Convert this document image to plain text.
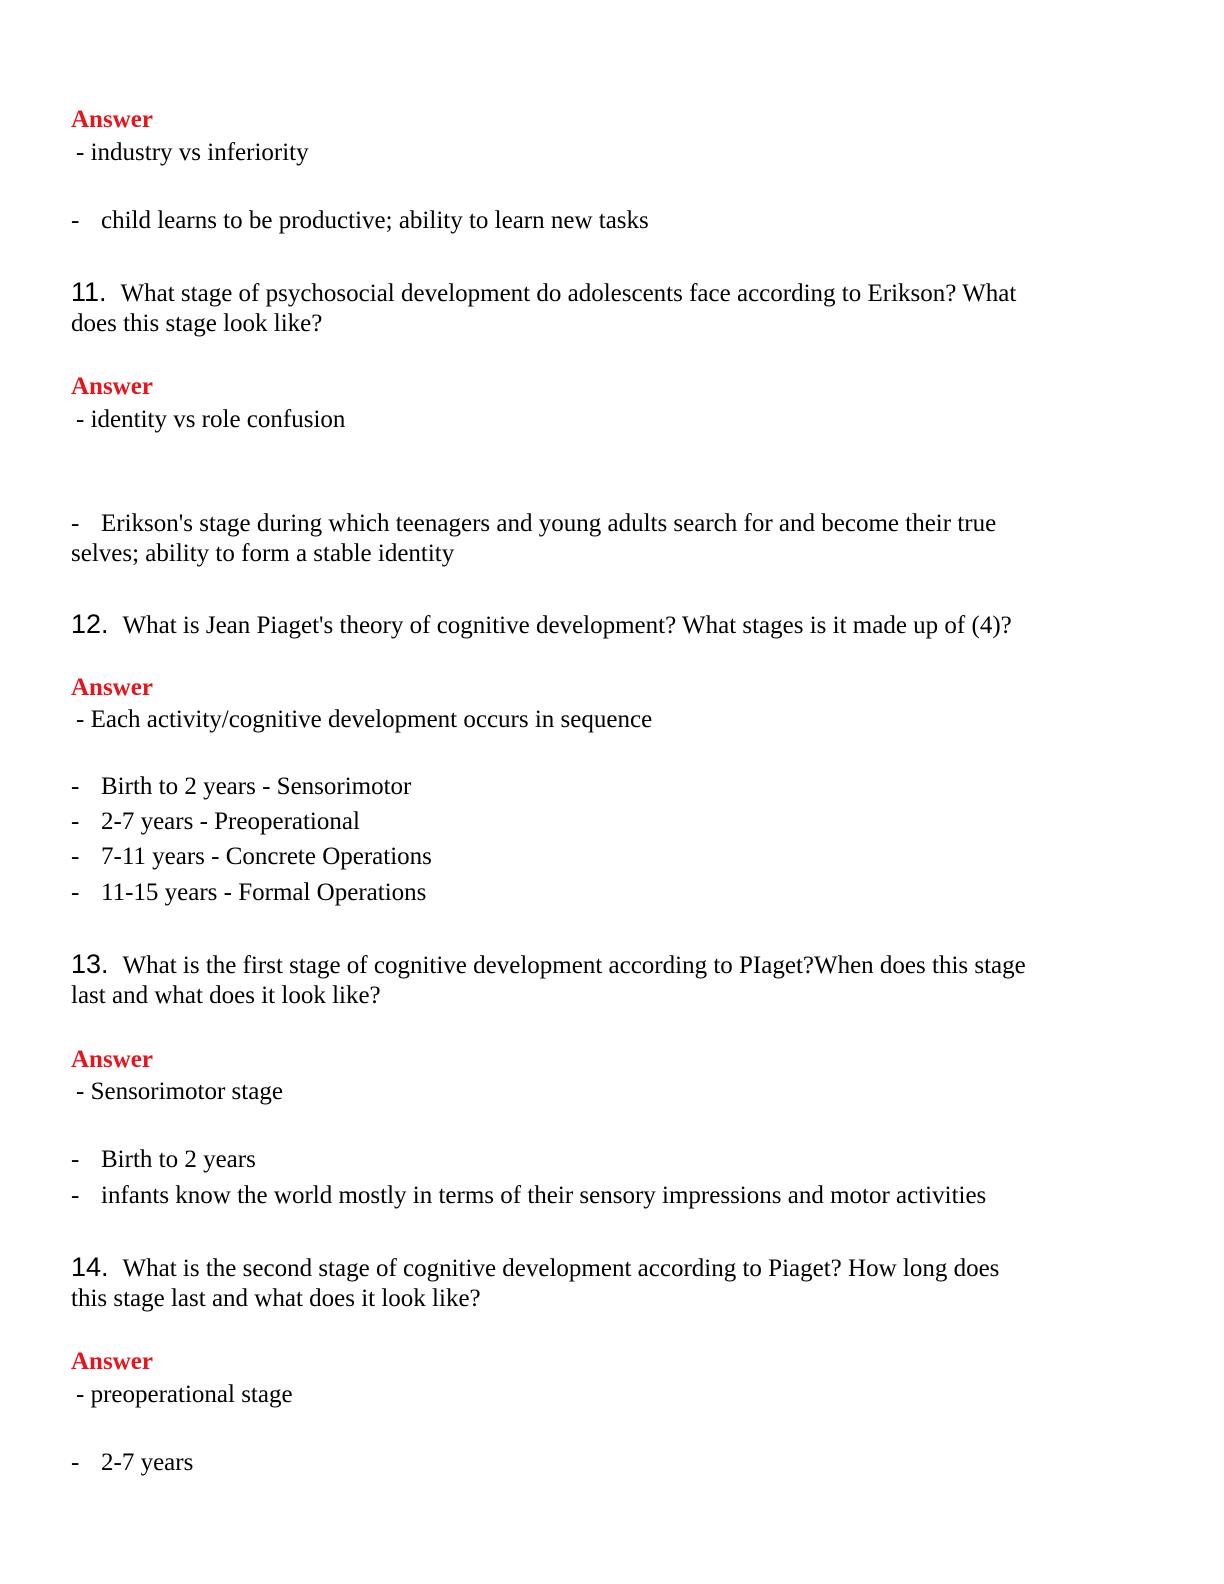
Answer
- industry vs inferiority
- child learns to be productive; ability to learn new tasks
11. What stage of psychosocial development do adolescents face according to Erikson? What
does this stage look like?
Answer
- identity vs role confusion
- Erikson's stage during which teenagers and young adults search for and become their true
selves; ability to form a stable identity
12. What is Jean Piaget's theory of cognitive development? What stages is it made up of (4)?
Answer
- Each activity/cognitive development occurs in sequence
- Birth to 2 years - Sensorimotor
- 2-7 years - Preoperational
- 7-11 years - Concrete Operations
- 11-15 years - Formal Operations
13. What is the first stage of cognitive development according to PIaget?When does this stage
last and what does it look like?
Answer
- Sensorimotor stage
- Birth to 2 years
- infants know the world mostly in terms of their sensory impressions and motor activities
14. What is the second stage of cognitive development according to Piaget? How long does
this stage last and what does it look like?
Answer
- preoperational stage
- 2-7 years
